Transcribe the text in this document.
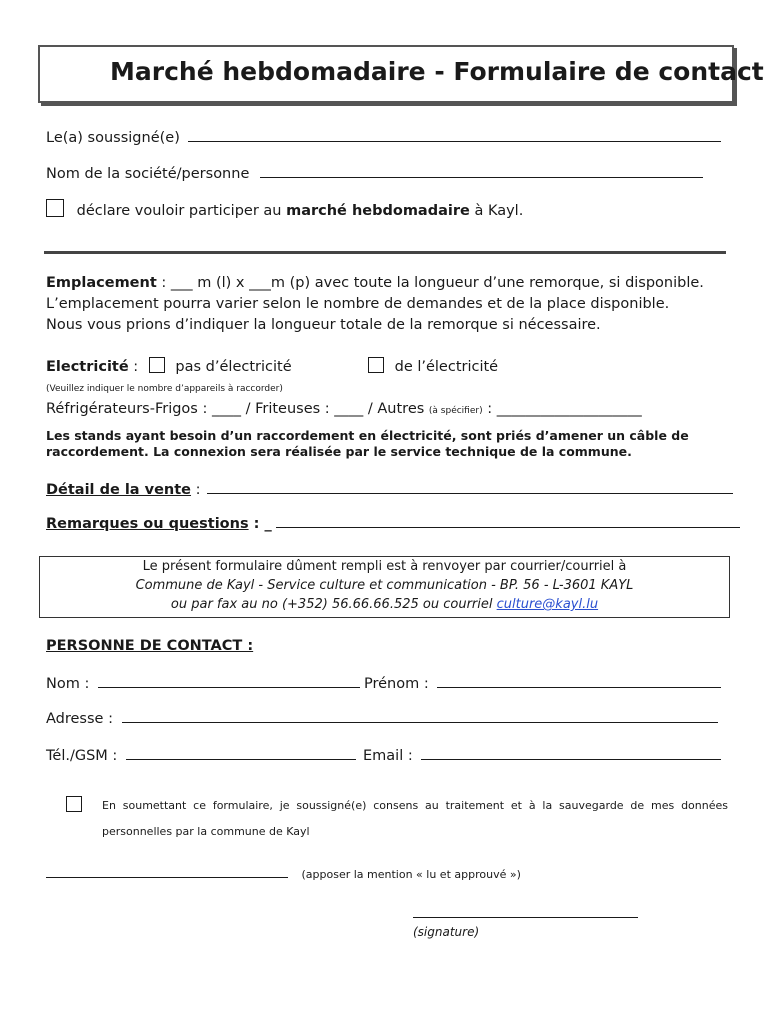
Marché hebdomadaire - Formulaire de contact
Le(a) soussigné(e)
Nom de la société/personne
déclare vouloir participer au marché hebdomadaire à Kayl.
Emplacement : ___ m (l) x ___m (p) avec toute la longueur d’une remorque, si disponible.
L’emplacement pourra varier selon le nombre de demandes et de la place disponible.
Nous vous prions d’indiquer la longueur totale de la remorque si nécessaire.
Electricité :	pas d’électricité	de l’électricité
(Veuillez indiquer le nombre d’appareils à raccorder)
Réfrigérateurs-Frigos : ____ / Friteuses : ____ / Autres (à spécifier) : ____________________
Les stands ayant besoin d’un raccordement en électricité, sont priés d’amener un câble de raccordement. La connexion sera réalisée par le service technique de la commune.
Détail de la vente :
Remarques ou questions : _
Le présent formulaire dûment rempli est à renvoyer par courrier/courriel à
Commune de Kayl - Service culture et communication - BP. 56 - L-3601 KAYL
ou par fax au no (+352) 56.66.66.525 ou courriel culture@kayl.lu
PERSONNE DE CONTACT :
Nom :	Prénom :
Adresse :
Tél./GSM :	Email :
En soumettant ce formulaire, je soussigné(e) consens au traitement et à la sauvegarde de mes données personnelles par la commune de Kayl
(apposer la mention « lu et approuvé »)
(signature)
